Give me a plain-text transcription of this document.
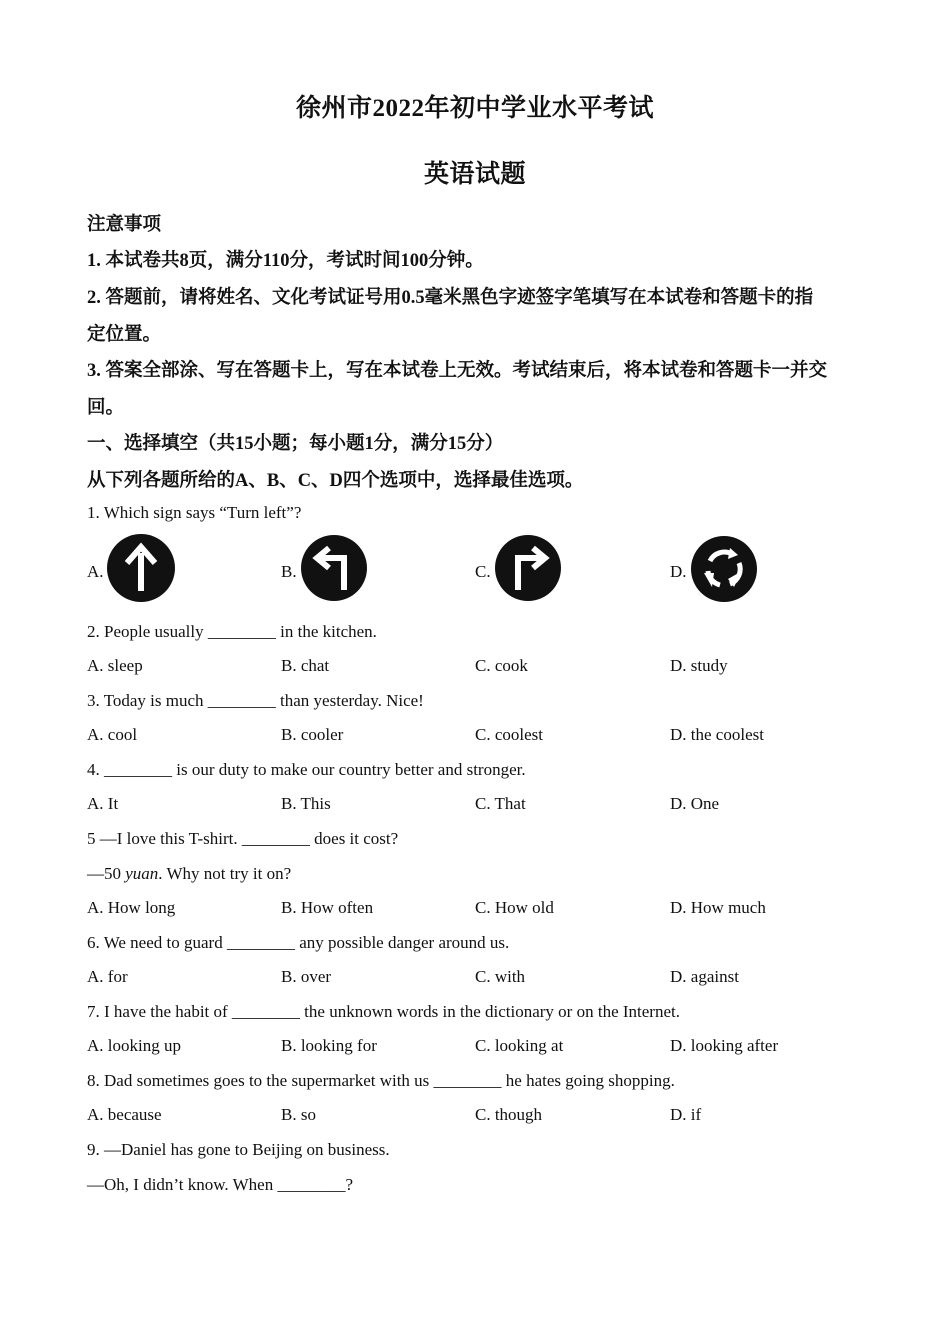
徐州市2022年初中学业水平考试
英语试题
注意事项
1. 本试卷共8页，满分110分，考试时间100分钟。
2. 答题前，请将姓名、文化考试证号用0.5毫米黑色字迹签字笔填写在本试卷和答题卡的指
定位置。
3. 答案全部涂、写在答题卡上，写在本试卷上无效。考试结束后，将本试卷和答题卡一并交
回。
一、选择填空（共15小题；每小题1分，满分15分）
从下列各题所给的A、B、C、D四个选项中，选择最佳选项。
1. Which sign says “Turn left”?
A.	B.	C.	D.
2. People usually ________ in the kitchen.
A. sleep	B. chat	C. cook	D. study
3. Today is much ________ than yesterday. Nice!
A. cool	B. cooler	C. coolest	D. the coolest
4. ________ is our duty to make our country better and stronger.
A. It	B. This	C. That	D. One
5 —I love this T-shirt. ________ does it cost?
—50 yuan. Why not try it on?
A. How long	B. How often	C. How old	D. How much
6. We need to guard ________ any possible danger around us.
A. for	B. over	C. with	D. against
7. I have the habit of ________ the unknown words in the dictionary or on the Internet.
A. looking up	B. looking for	C. looking at	D. looking after
8. Dad sometimes goes to the supermarket with us ________ he hates going shopping.
A. because	B. so	C. though	D. if
9. —Daniel has gone to Beijing on business.
—Oh, I didn’t know. When ________?
